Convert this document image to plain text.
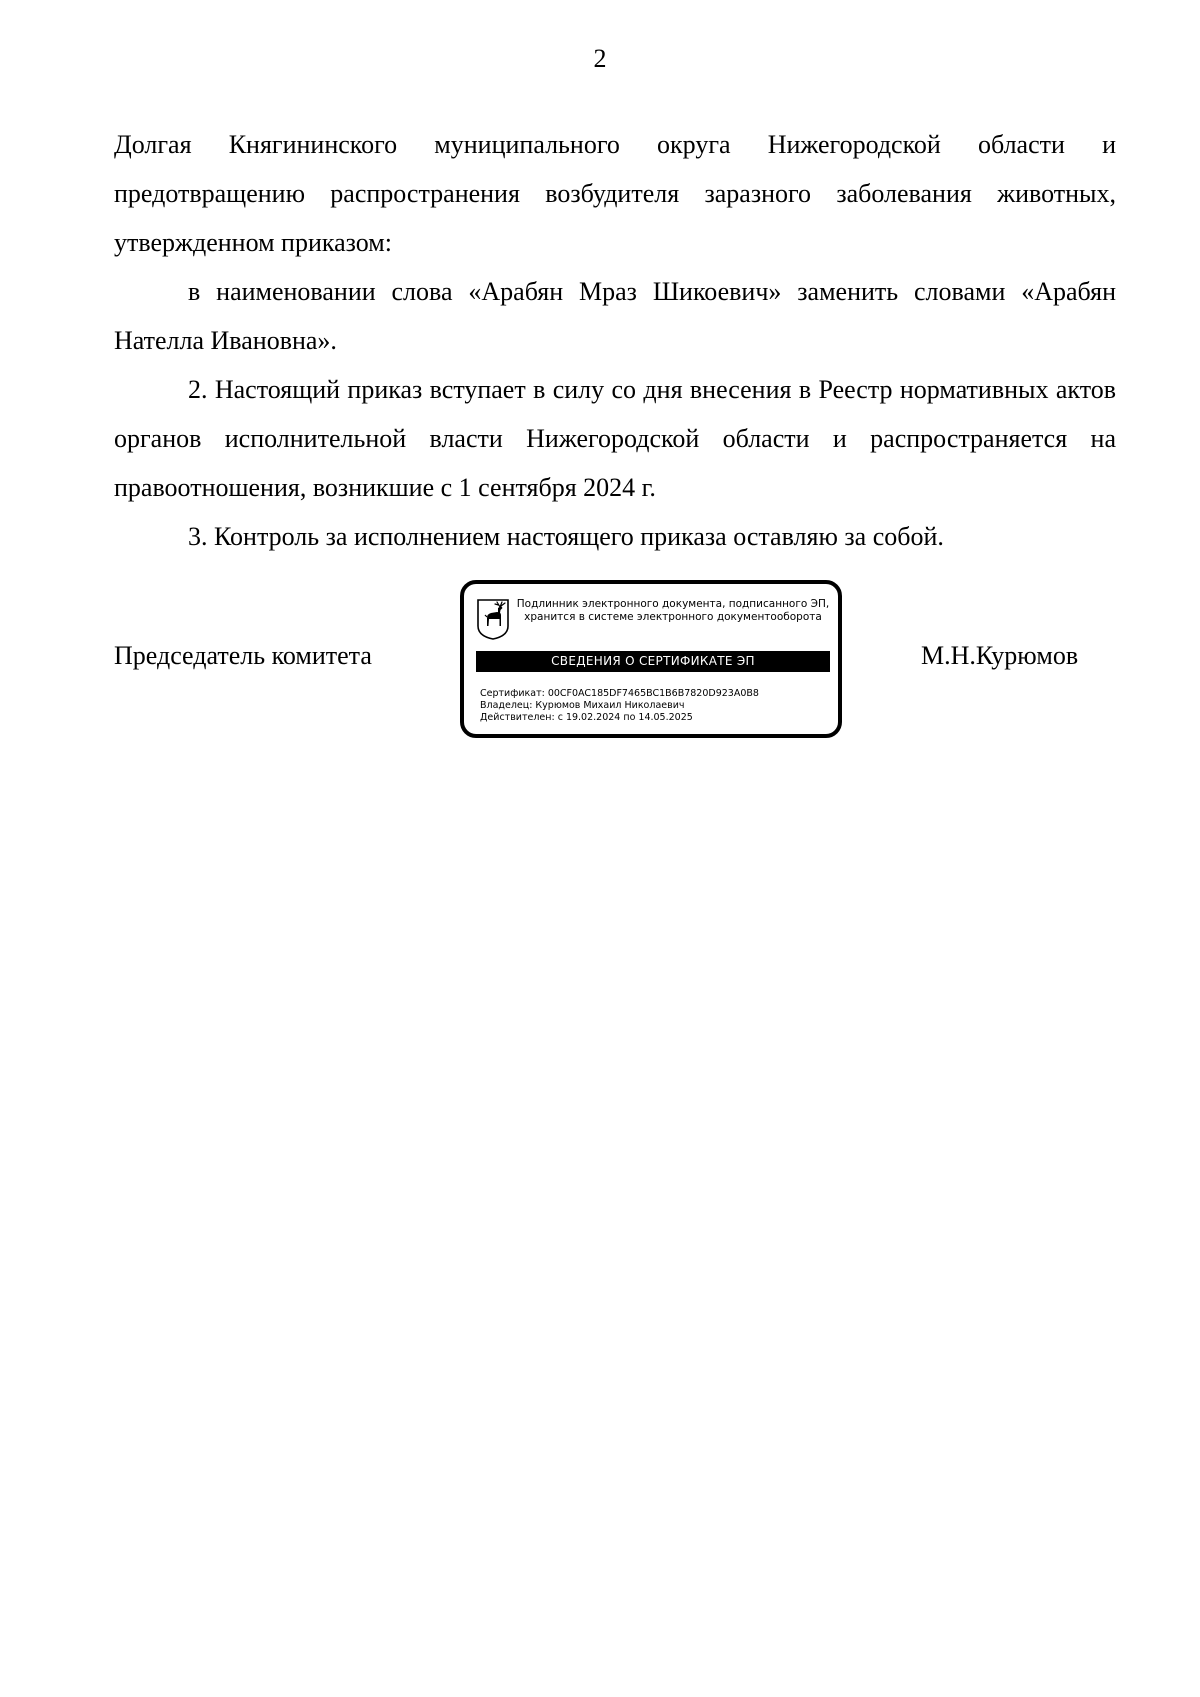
2

Долгая Княгининского муниципального округа Нижегородской области и предотвращению распространения возбудителя заразного заболевания животных, утвержденном приказом:

в наименовании слова «Арабян Мраз Шикоевич» заменить словами «Арабян Нателла Ивановна».

2. Настоящий приказ вступает в силу со дня внесения в Реестр нормативных актов органов исполнительной власти Нижегородской области и распространяется на правоотношения, возникшие с 1 сентября 2024 г.

3. Контроль за исполнением настоящего приказа оставляю за собой.

Председатель комитета
Подлинник электронного документа, подписанного ЭП,
хранится в системе электронного документооборота
СВЕДЕНИЯ О СЕРТИФИКАТЕ ЭП
Сертификат: 00CF0AC185DF7465BC1B6B7820D923A0B8
Владелец: Курюмов Михаил Николаевич
Действителен: с 19.02.2024 по 14.05.2025
М.Н.Курюмов
